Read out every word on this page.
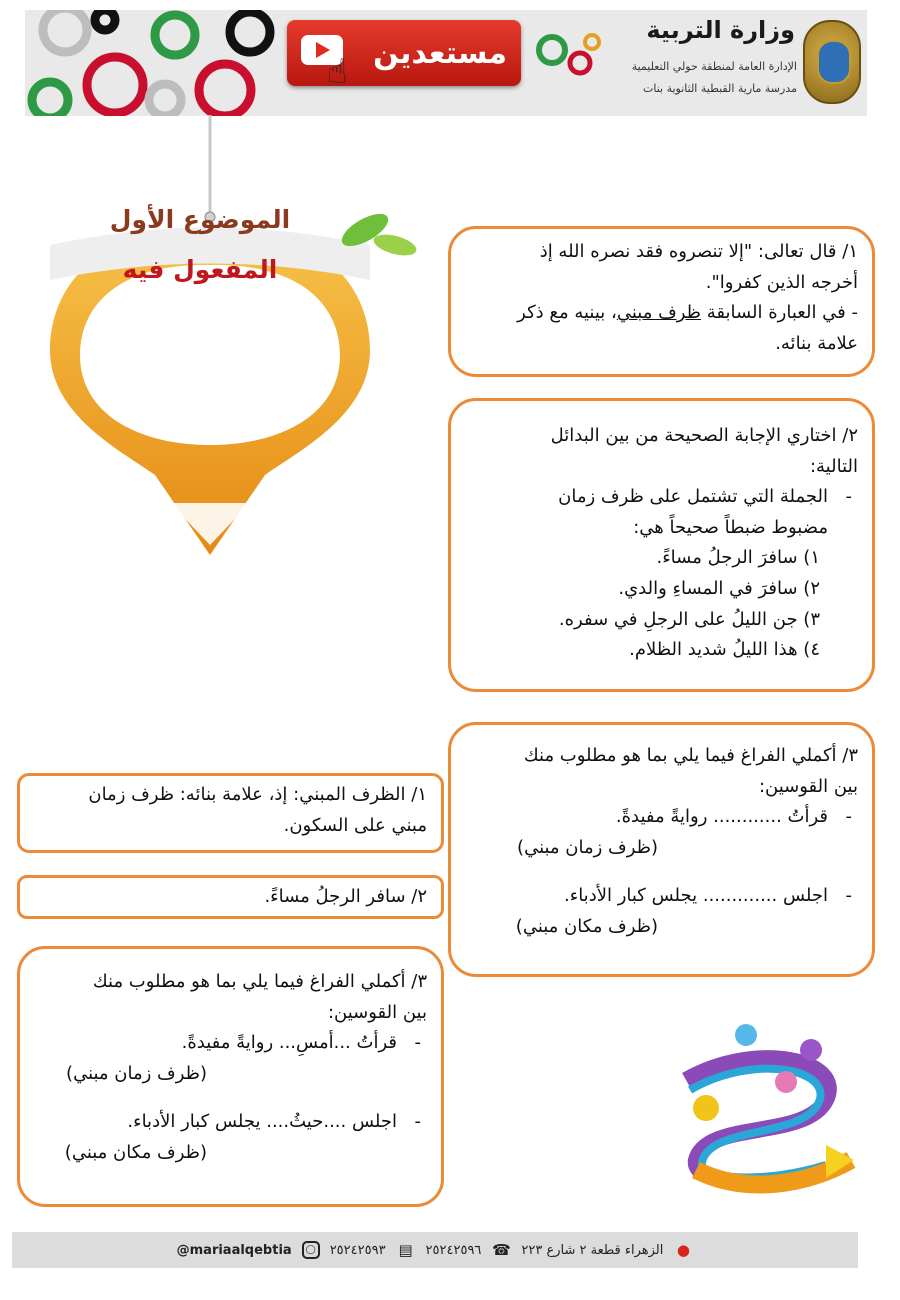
☝ مستعدين
وزارة التربية
الإدارة العامة لمنطقة حولي التعليمية
مدرسة مارية القبطية الثانوية بنات
الموضوع الأول
المفعول فيه

١/ قال تعالى: "إلا تنصروه فقد نصره الله إذ

أخرجه الذين كفروا".

- في العبارة السابقة ظرف مبني، بينيه مع ذكر

علامة بنائه.

٢/ اختاري الإجابة الصحيحة من بين البدائل

التالية:

-الجملة التي تشتمل على ظرف زمان

مضبوط ضبطاً صحيحاً هي:

١) سافرَ الرجلُ مساءً.

٢) سافرَ في المساءِ والدي.

٣) جن الليلُ على الرجلِ في سفره.

٤) هذا الليلُ شديد الظلام.

٣/ أكملي الفراغ فيما يلي بما هو مطلوب منك

بين القوسين:

-قرأتُ ............ روايةً مفيدةً.

(ظرف زمان مبني)

-اجلس ............. يجلس كبار الأدباء.

(ظرف مكان مبني)

١/ الظرف المبني: إذ، علامة بنائه: ظرف زمان

مبني على السكون.

٢/ سافر الرجلُ مساءً.

٣/ أكملي الفراغ فيما يلي بما هو مطلوب منك

بين القوسين:

-قرأتُ ...أمسِ... روايةً مفيدةً.

(ظرف زمان مبني)

-اجلس ....حيثُ.... يجلس كبار الأدباء.

(ظرف مكان مبني)

●
الزهراء قطعة ٢ شارع ٢٢٣
☎
٢٥٢٤٢٥٩٦
▤
٢٥٢٤٢٥٩٣
◯
@mariaalqebtia
